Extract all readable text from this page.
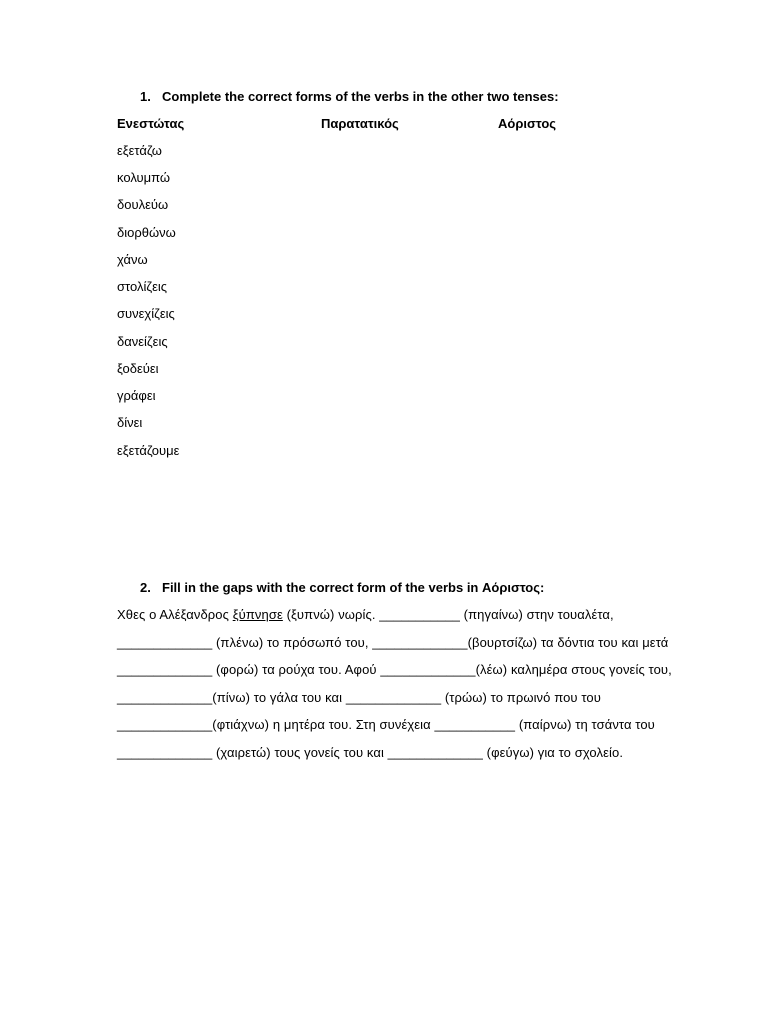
1. Complete the correct forms of the verbs in the other two tenses:
Ενεστώτας	Παρατατικός	Αόριστος
εξετάζω
κολυμπώ
δουλεύω
διορθώνω
χάνω
στολίζεις
συνεχίζεις
δανείζεις
ξοδεύει
γράφει
δίνει
εξετάζουμε
2. Fill in the gaps with the correct form of the verbs in Αόριστος:
Χθες ο Αλέξανδρος ξύπνησε (ξυπνώ) νωρίς. ___________ (πηγαίνω) στην τουαλέτα,
_____________ (πλένω) το πρόσωπό του, _____________(βουρτσίζω) τα δόντια του και μετά
_____________ (φορώ) τα ρούχα του. Αφού _____________(λέω) καλημέρα στους γονείς του,
_____________(πίνω) το γάλα του και _____________ (τρώω) το πρωινό που του
_____________(φτιάχνω) η μητέρα του. Στη συνέχεια ___________ (παίρνω) τη τσάντα του
_____________ (χαιρετώ) τους γονείς του και _____________ (φεύγω) για το σχολείο.
